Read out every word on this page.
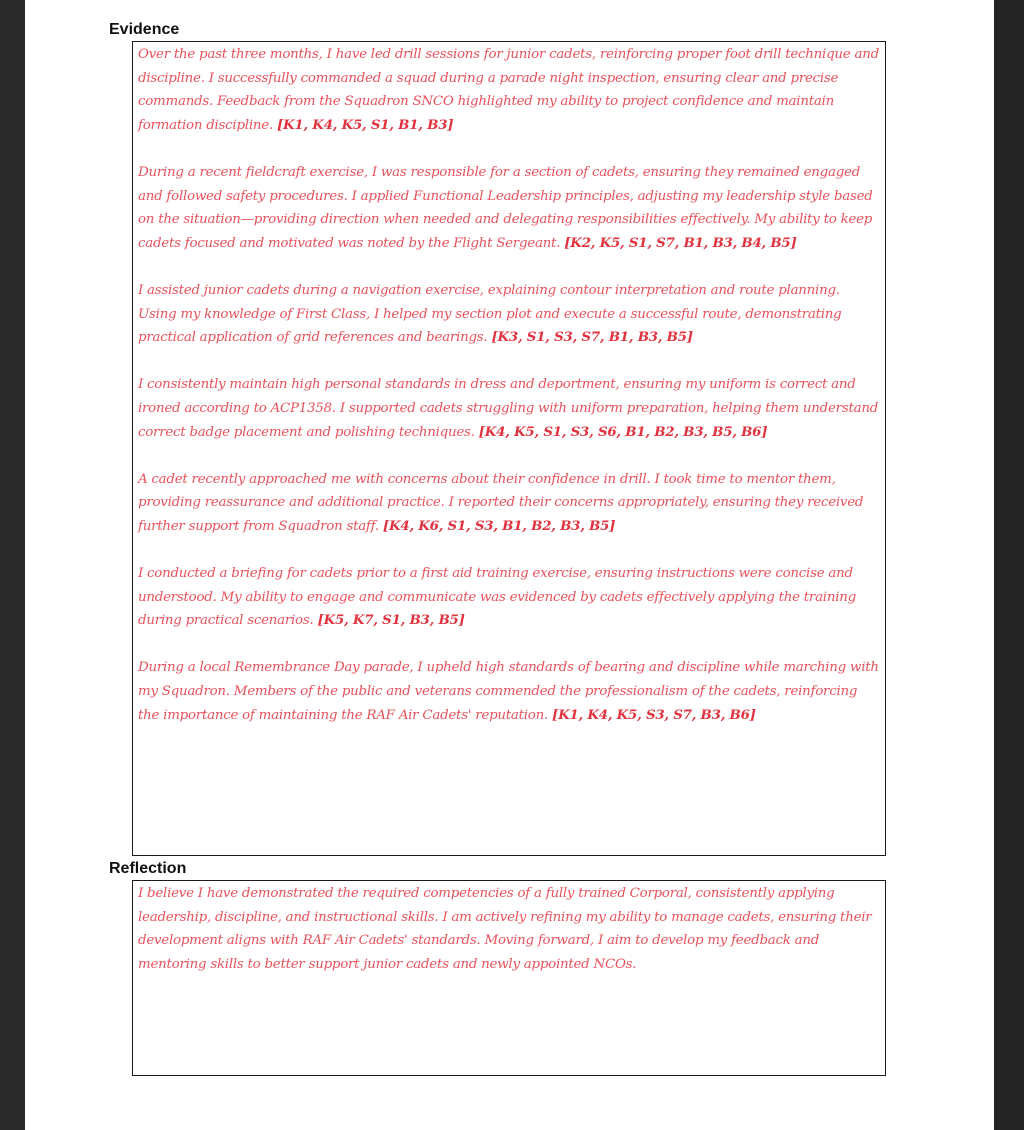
Evidence

Over the past three months, I have led drill sessions for junior cadets, reinforcing proper foot drill technique and discipline. I successfully commanded a squad during a parade night inspection, ensuring clear and precise commands. Feedback from the Squadron SNCO highlighted my ability to project confidence and maintain formation discipline. [K1, K4, K5, S1, B1, B3]

During a recent fieldcraft exercise, I was responsible for a section of cadets, ensuring they remained engaged and followed safety procedures. I applied Functional Leadership principles, adjusting my leadership style based on the situation—providing direction when needed and delegating responsibilities effectively. My ability to keep cadets focused and motivated was noted by the Flight Sergeant. [K2, K5, S1, S7, B1, B3, B4, B5]

I assisted junior cadets during a navigation exercise, explaining contour interpretation and route planning. Using my knowledge of First Class, I helped my section plot and execute a successful route, demonstrating practical application of grid references and bearings. [K3, S1, S3, S7, B1, B3, B5]

I consistently maintain high personal standards in dress and deportment, ensuring my uniform is correct and ironed according to ACP1358. I supported cadets struggling with uniform preparation, helping them understand correct badge placement and polishing techniques. [K4, K5, S1, S3, S6, B1, B2, B3, B5, B6]

A cadet recently approached me with concerns about their confidence in drill. I took time to mentor them, providing reassurance and additional practice. I reported their concerns appropriately, ensuring they received further support from Squadron staff. [K4, K6, S1, S3, B1, B2, B3, B5]

I conducted a briefing for cadets prior to a first aid training exercise, ensuring instructions were concise and understood. My ability to engage and communicate was evidenced by cadets effectively applying the training during practical scenarios. [K5, K7, S1, B3, B5]

During a local Remembrance Day parade, I upheld high standards of bearing and discipline while marching with my Squadron. Members of the public and veterans commended the professionalism of the cadets, reinforcing the importance of maintaining the RAF Air Cadets' reputation. [K1, K4, K5, S3, S7, B3, B6]

Reflection

I believe I have demonstrated the required competencies of a fully trained Corporal, consistently applying leadership, discipline, and instructional skills. I am actively refining my ability to manage cadets, ensuring their development aligns with RAF Air Cadets' standards. Moving forward, I aim to develop my feedback and mentoring skills to better support junior cadets and newly appointed NCOs.
